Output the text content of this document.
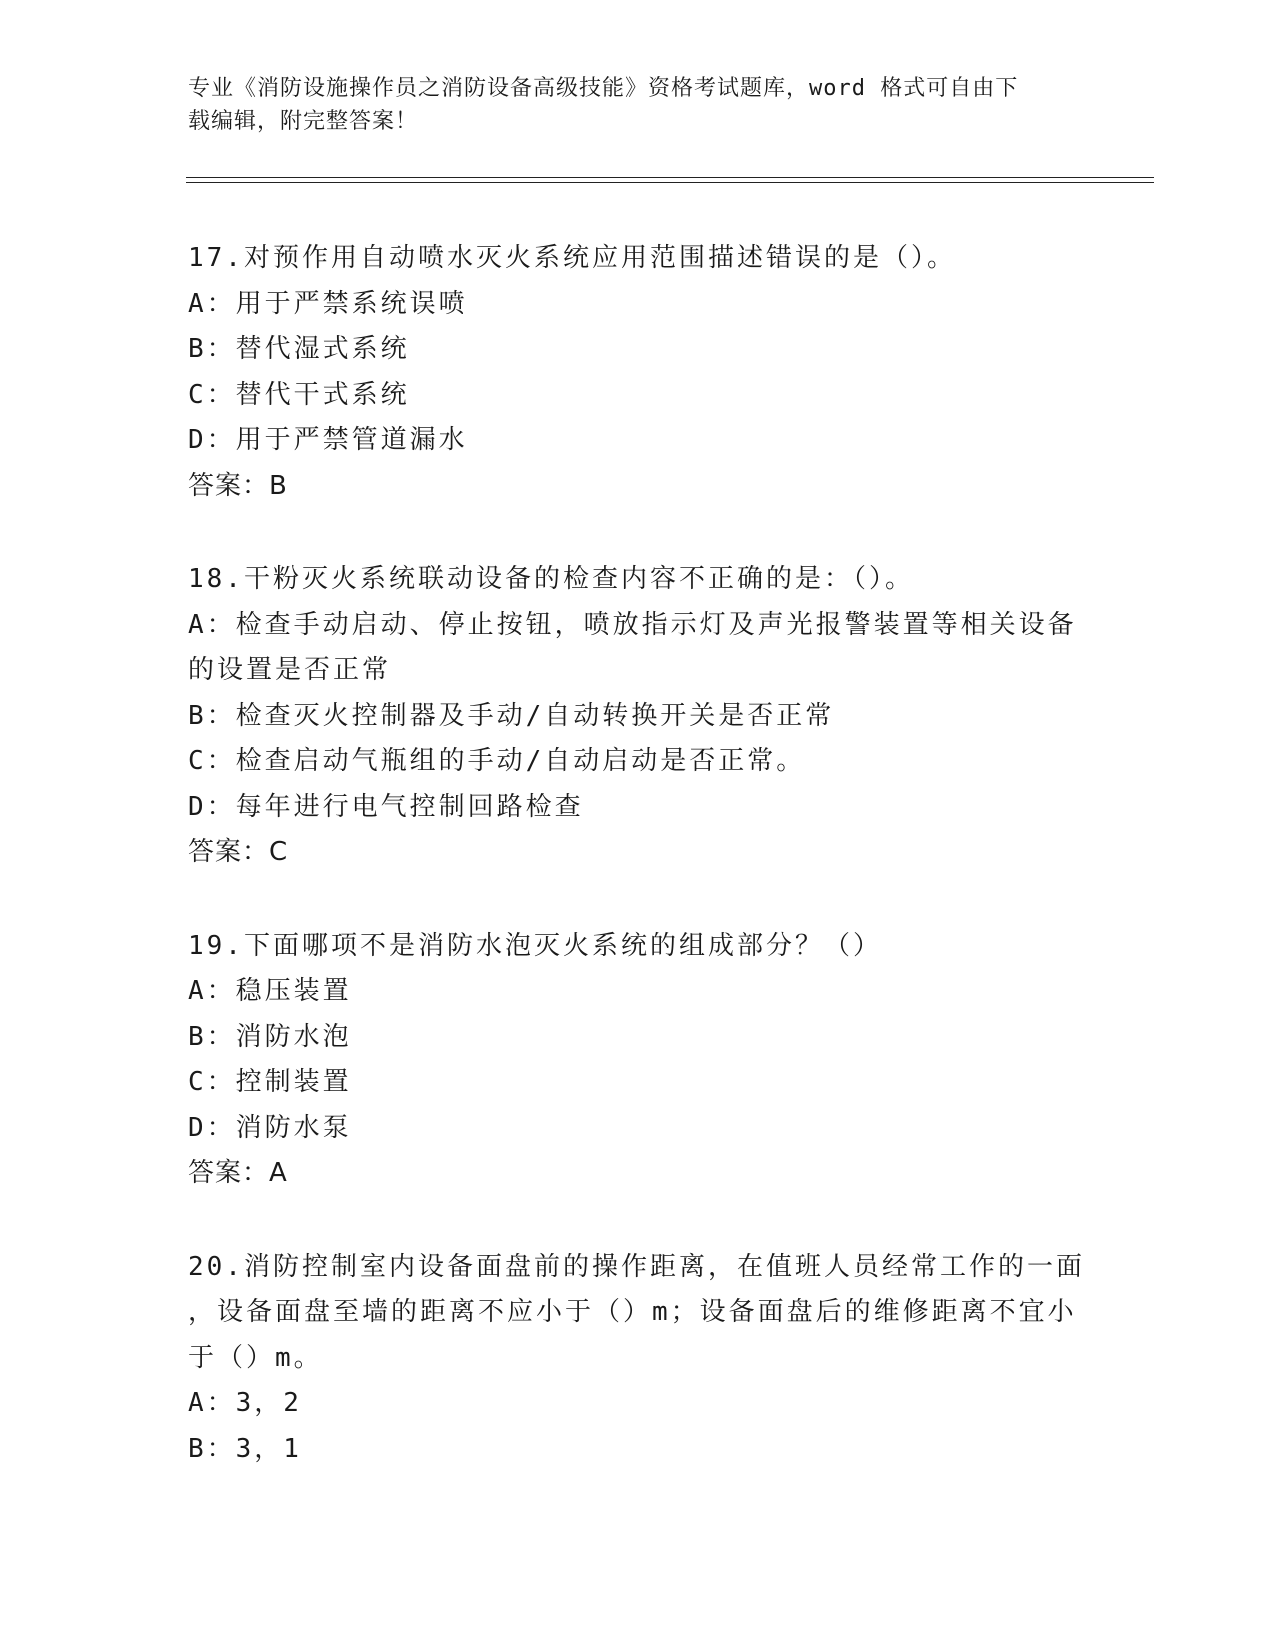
专业《消防设施操作员之消防设备高级技能》资格考试题库，word 格式可自由下
载编辑，附完整答案！

17.对预作用自动喷水灭火系统应用范围描述错误的是（）。

A：用于严禁系统误喷

B：替代湿式系统

C：替代干式系统

D：用于严禁管道漏水

答案：B

18.干粉灭火系统联动设备的检查内容不正确的是：（）。

A：检查手动启动、停止按钮，喷放指示灯及声光报警装置等相关设备

的设置是否正常

B：检查灭火控制器及手动/自动转换开关是否正常

C：检查启动气瓶组的手动/自动启动是否正常。

D：每年进行电气控制回路检查

答案：C

19.下面哪项不是消防水泡灭火系统的组成部分？（）

A：稳压装置

B：消防水泡

C：控制装置

D：消防水泵

答案：A

20.消防控制室内设备面盘前的操作距离，在值班人员经常工作的一面

，设备面盘至墙的距离不应小于（）m；设备面盘后的维修距离不宜小

于（）m。

A：3，2

B：3，1
